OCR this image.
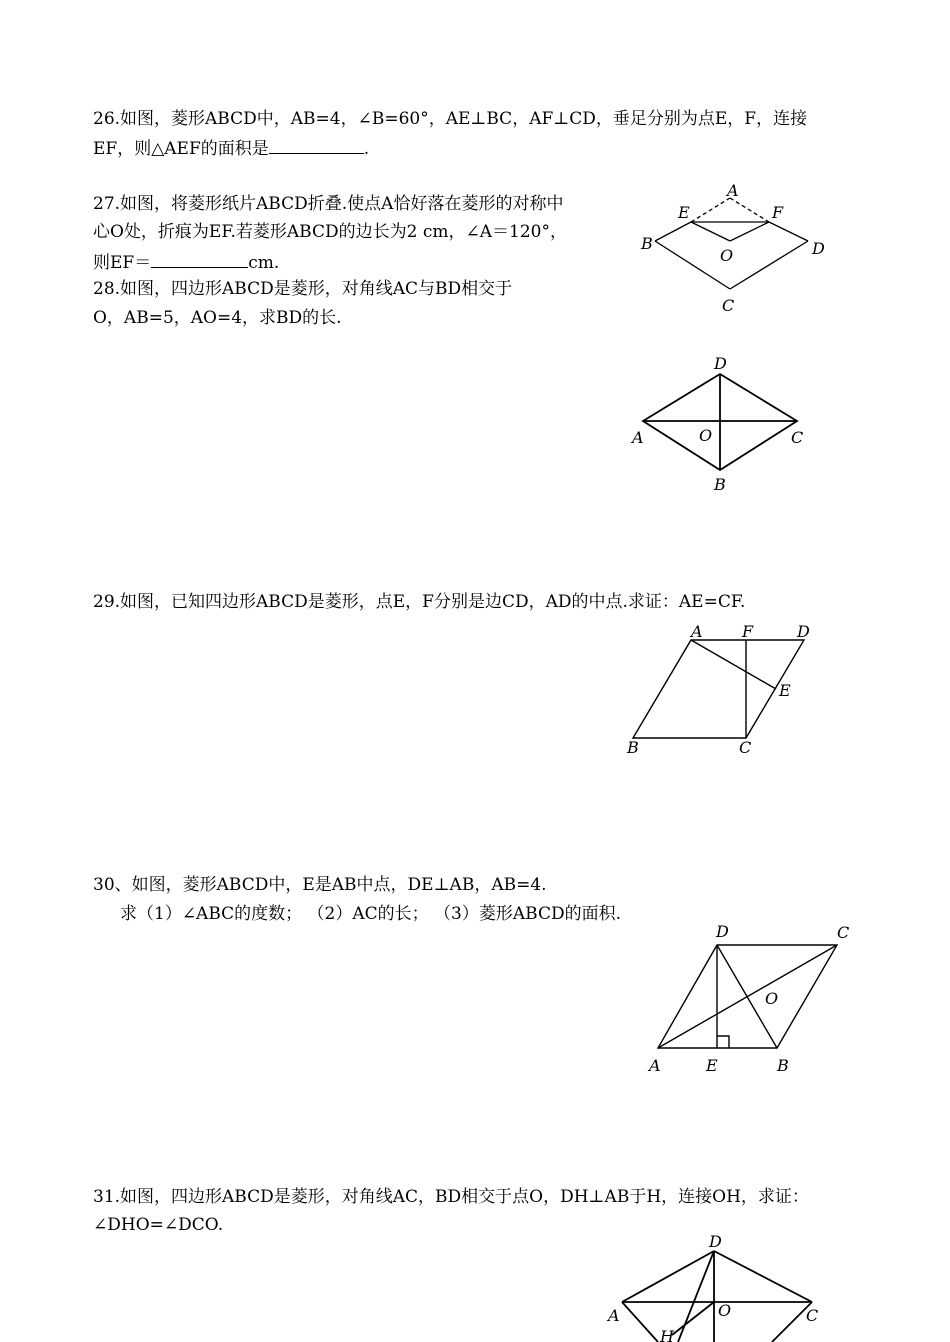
26.如图，菱形ABCD中，AB=4，∠B=60°，AE⊥BC，AF⊥CD，垂足分别为点E，F，连接
EF，则△AEF的面积是	.
27.如图，将菱形纸片ABCD折叠.使点A恰好落在菱形的对称中
心O处，折痕为EF.若菱形ABCD的边长为2 cm，∠A＝120°，
则EF＝	cm.
A
E	F
B	D
O
C
28.如图，四边形ABCD是菱形，对角线AC与BD相交于
O，AB=5，AO=4，求BD的长.
D
A	O	C
B
29.如图，已知四边形ABCD是菱形，点E，F分别是边CD，AD的中点.求证：AE=CF.
A F	D
E
B	C
30、如图，菱形ABCD中，E是AB中点，DE⊥AB，AB=4.
求（1）∠ABC的度数； （2）AC的长； （3）菱形ABCD的面积.
D	C
O
A	E	B
31.如图，四边形ABCD是菱形，对角线AC，BD相交于点O，DH⊥AB于H，连接OH，求证：
∠DHO=∠DCO.
D
A	O	C
H
